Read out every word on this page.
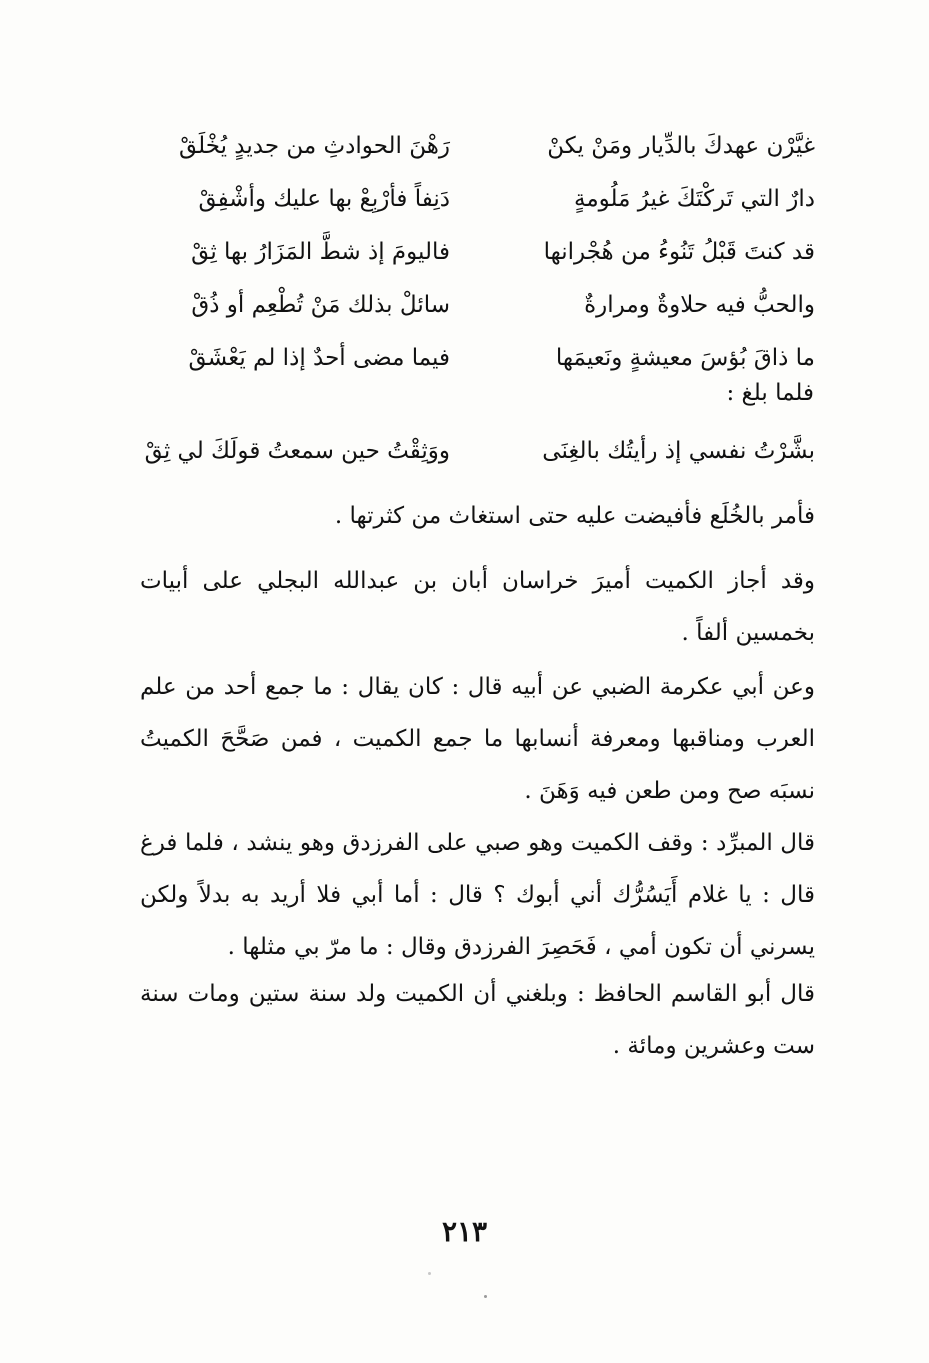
غيَّرْن عهدكَ بالدِّيار ومَنْ يكنْ
رَهْنَ الحوادثِ من جديدٍ يُخْلَقْ
دارٌ التي تَركْتَكَ غيرُ مَلُومةٍ
دَنِفاً فأرْبِعْ بها عليك وأشْفِقْ
قد كنتَ قَبْلُ تَنُوءُ من هُجْرانها
فاليومَ إذ شطَّ المَزَارُ بها ثِقْ
والحبُّ فيه حلاوةٌ ومرارةٌ
سائلْ بذلك مَنْ تُطْعِم أو ذُقْ
ما ذاقَ بُؤسَ معيشةٍ ونَعيمَها
فيما مضى أحدٌ إذا لم يَعْشَقْ
فلما بلغ :
بشَّرْتُ نفسي إذ رأيتُك بالغِنَى
ووَثِقْتُ حين سمعتُ قولَكَ لي ثِقْ

فأمر بالخُلَع فأفيضت عليه حتى استغاث من كثرتها .

وقد أجاز الكميت أميرَ خراسان أبان بن عبدالله البجلي على أبيات بخمسين ألفاً .

وعن أبي عكرمة الضبي عن أبيه قال : كان يقال : ما جمع أحد من علم العرب ومناقبها ومعرفة أنسابها ما جمع الكميت ، فمن صَحَّحَ الكميتُ نسبَه صح ومن طعن فيه وَهَنَ .

قال المبرِّد : وقف الكميت وهو صبي على الفرزدق وهو ينشد ، فلما فرغ قال : يا غلام أَيَسُرُّك أني أبوك ؟ قال : أما أبي فلا أريد به بدلاً ولكن يسرني أن تكون أمي ، فَحَصِرَ الفرزدق وقال : ما مرّ بي مثلها .

قال أبو القاسم الحافظ : وبلغني أن الكميت ولد سنة ستين ومات سنة ست وعشرين ومائة .

٢١٣
